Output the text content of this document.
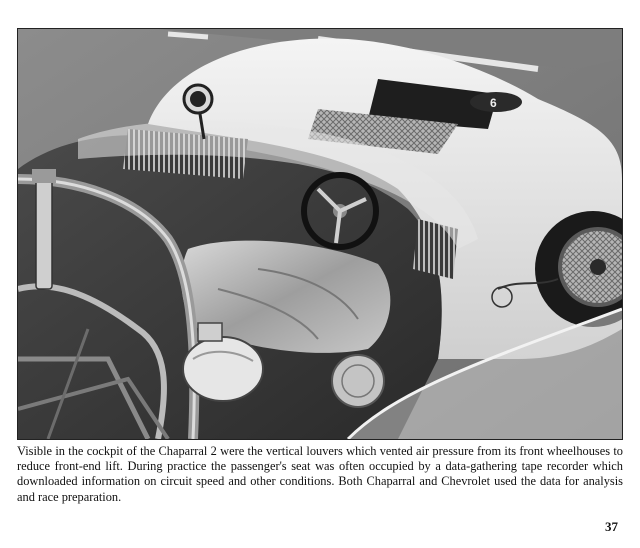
6

Visible in the cockpit of the Chaparral 2 were the vertical louvers which vented air pressure from its front wheelhouses to reduce front-end lift. During practice the passenger's seat was often occupied by a data-gathering tape recorder which downloaded information on circuit speed and other conditions. Both Chaparral and Chevrolet used the data for analysis and race preparation.

37
